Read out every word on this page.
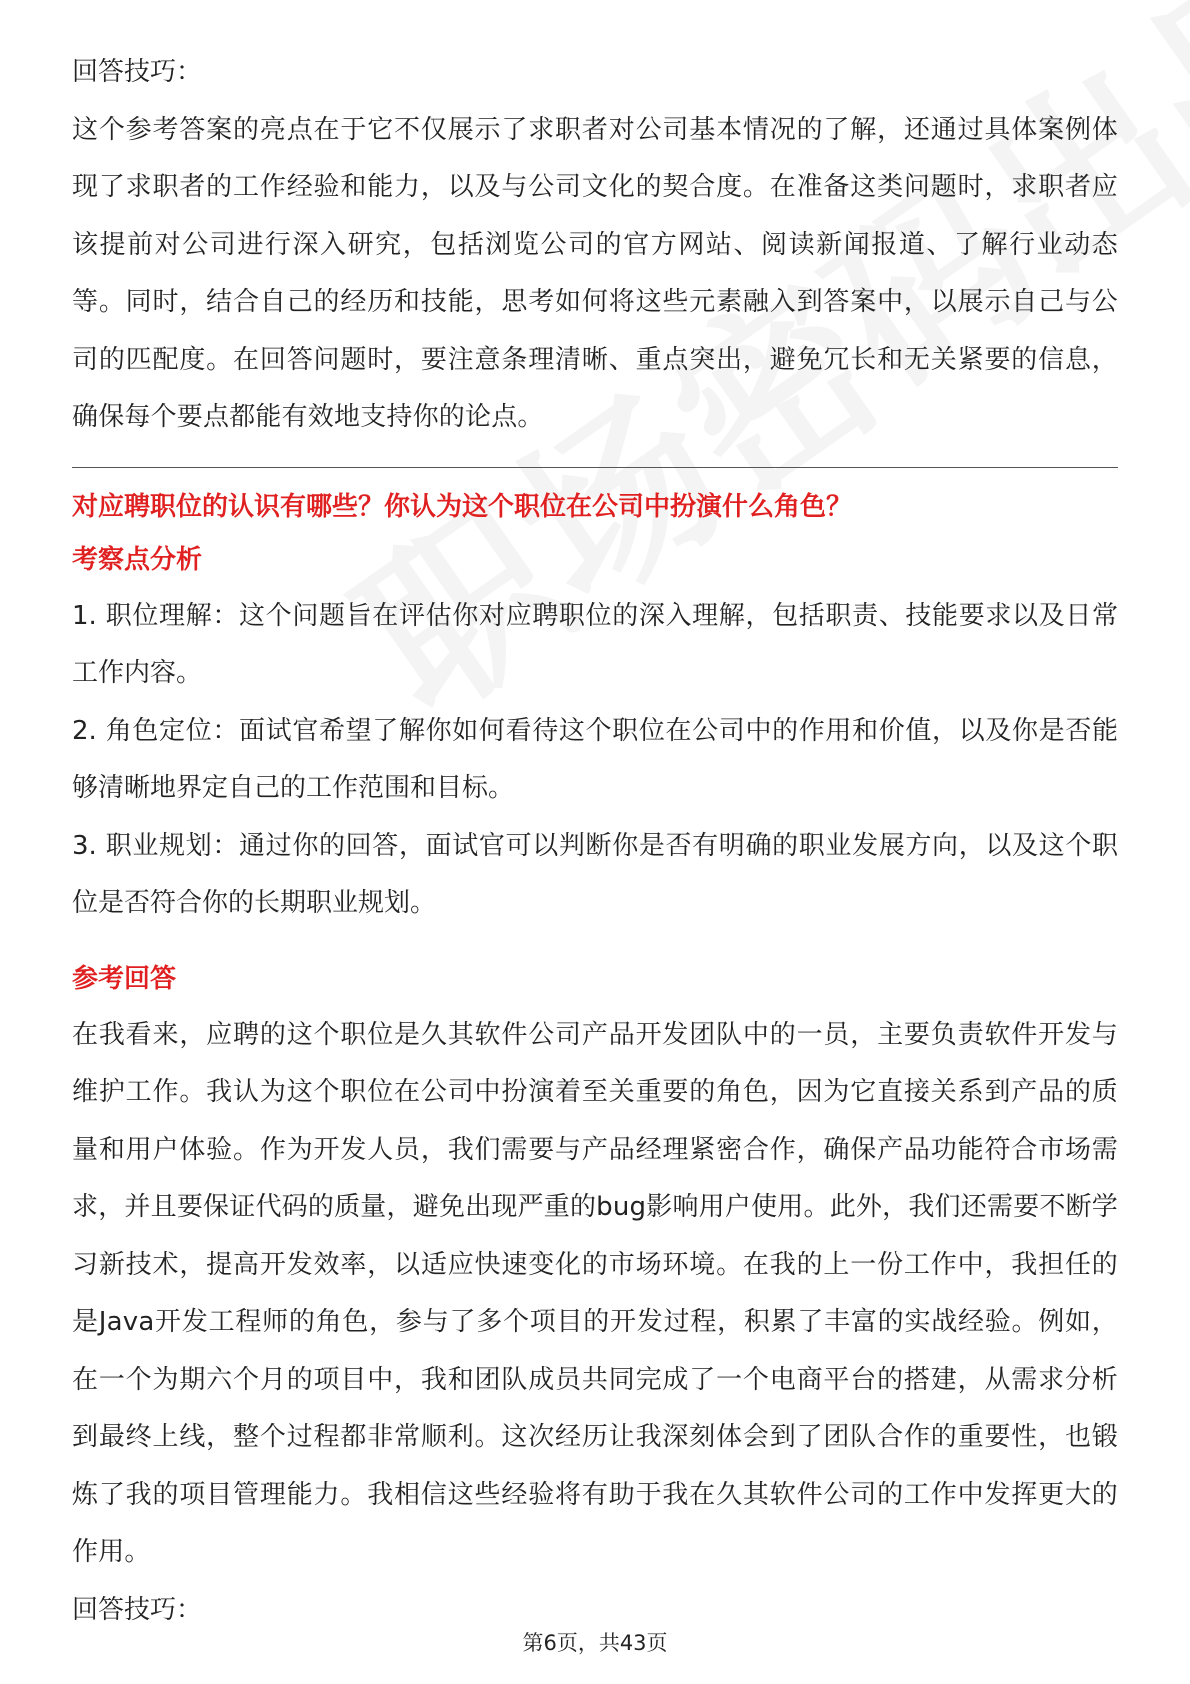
回答技巧：

这个参考答案的亮点在于它不仅展示了求职者对公司基本情况的了解，还通过具体案例体现了求职者的工作经验和能力，以及与公司文化的契合度。在准备这类问题时，求职者应该提前对公司进行深入研究，包括浏览公司的官方网站、阅读新闻报道、了解行业动态等。同时，结合自己的经历和技能，思考如何将这些元素融入到答案中，以展示自己与公司的匹配度。在回答问题时，要注意条理清晰、重点突出，避免冗长和无关紧要的信息，确保每个要点都能有效地支持你的论点。

对应聘职位的认识有哪些？你认为这个职位在公司中扮演什么角色？

考察点分析

1. 职位理解：这个问题旨在评估你对应聘职位的深入理解，包括职责、技能要求以及日常工作内容。

2. 角色定位：面试官希望了解你如何看待这个职位在公司中的作用和价值，以及你是否能够清晰地界定自己的工作范围和目标。

3. 职业规划：通过你的回答，面试官可以判断你是否有明确的职业发展方向，以及这个职位是否符合你的长期职业规划。

参考回答

在我看来，应聘的这个职位是久其软件公司产品开发团队中的一员，主要负责软件开发与维护工作。我认为这个职位在公司中扮演着至关重要的角色，因为它直接关系到产品的质量和用户体验。作为开发人员，我们需要与产品经理紧密合作，确保产品功能符合市场需求，并且要保证代码的质量，避免出现严重的bug影响用户使用。此外，我们还需要不断学习新技术，提高开发效率，以适应快速变化的市场环境。在我的上一份工作中，我担任的是Java开发工程师的角色，参与了多个项目的开发过程，积累了丰富的实战经验。例如，在一个为期六个月的项目中，我和团队成员共同完成了一个电商平台的搭建，从需求分析到最终上线，整个过程都非常顺利。这次经历让我深刻体会到了团队合作的重要性，也锻炼了我的项目管理能力。我相信这些经验将有助于我在久其软件公司的工作中发挥更大的作用。

回答技巧：

第6页，共43页
